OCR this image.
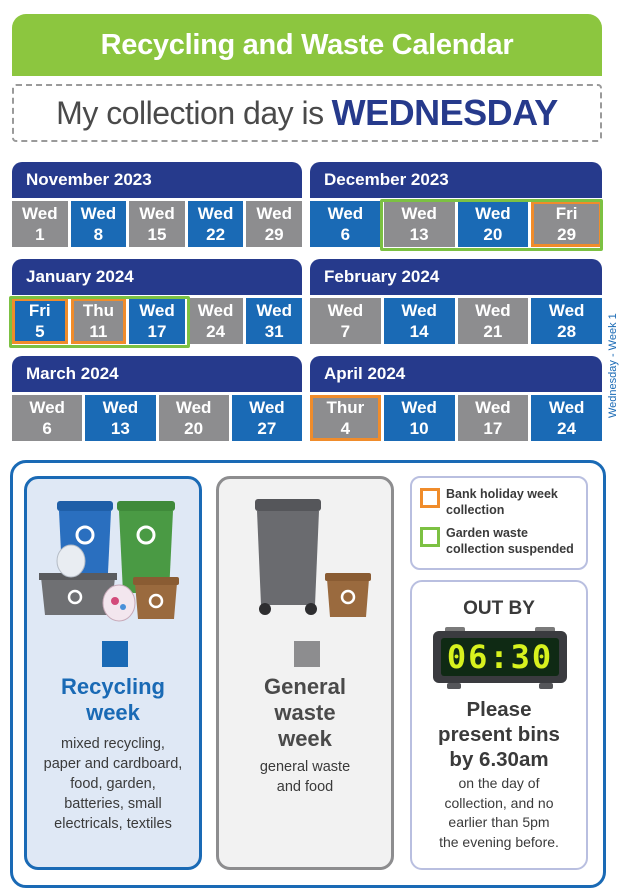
Recycling and Waste Calendar
My collection day is WEDNESDAY
November 2023
Wed
1
Wed
8
Wed
15
Wed
22
Wed
29
December 2023
Wed
6
Wed
13
Wed
20
Fri
29
January 2024
Fri
5
Thu
11
Wed
17
Wed
24
Wed
31
February 2024
Wed
7
Wed
14
Wed
21
Wed
28
March 2024
Wed
6
Wed
13
Wed
20
Wed
27
April 2024
Thur
4
Wed
10
Wed
17
Wed
24
Wednesday - Week 1
Recycling
week
mixed recycling,
paper and cardboard,
food, garden,
batteries, small
electricals, textiles
General
waste
week
general waste
and food
Bank holiday week collection
Garden waste collection suspended
OUT BY
06:30
Please
present bins
by 6.30am
on the day of
collection, and no
earlier than 5pm
the evening before.
